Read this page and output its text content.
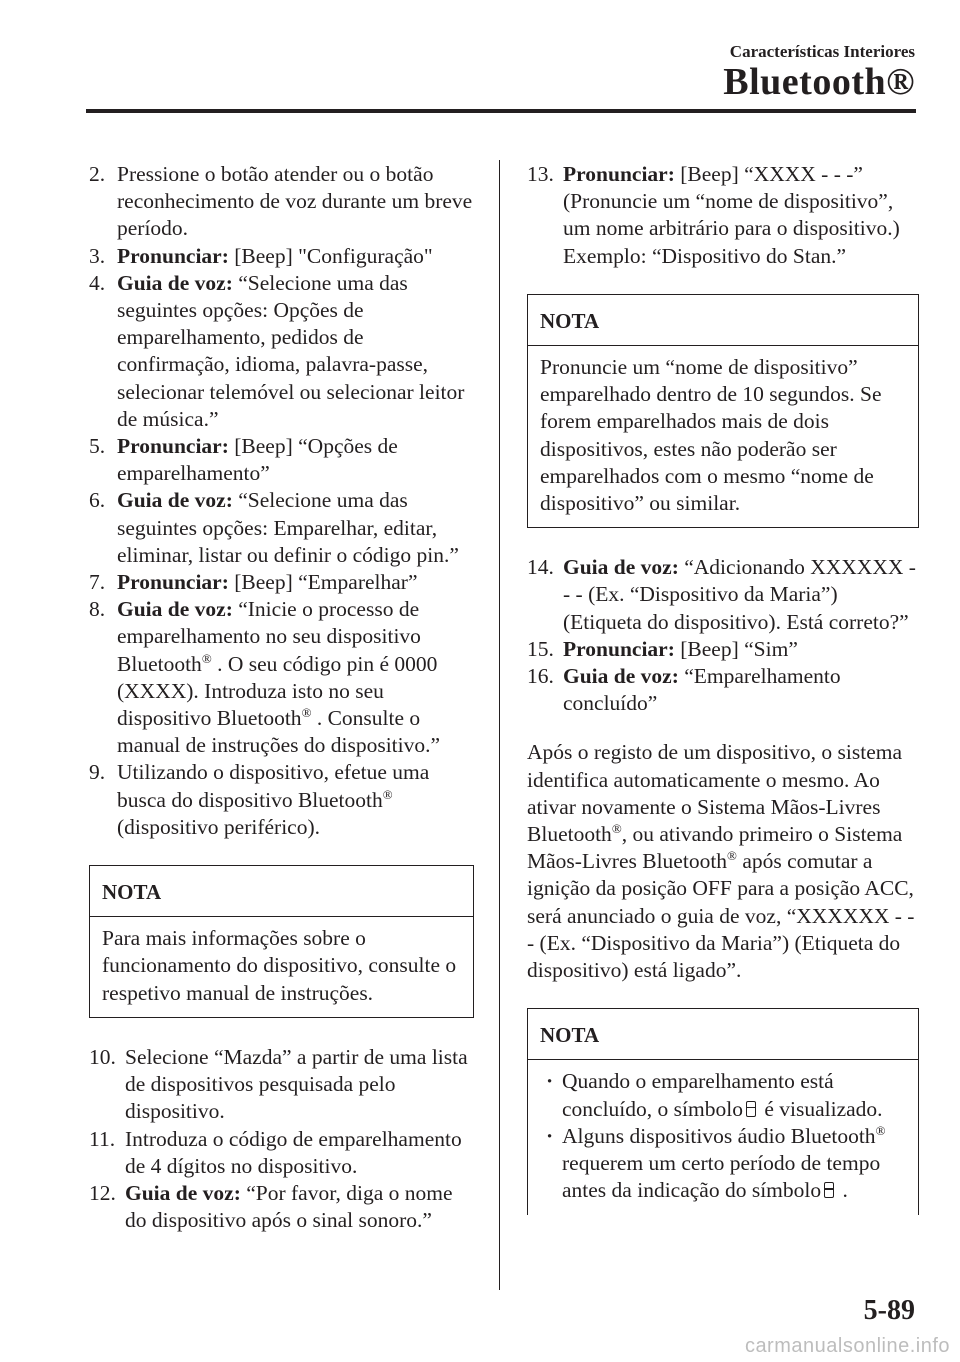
Características Interiores
Bluetooth®
2. Pressione o botão atender ou o botão reconhecimento de voz durante um breve período.
3. Pronunciar: [Beep] "Configuração"
4. Guia de voz: “Selecione uma das seguintes opções: Opções de emparelhamento, pedidos de confirmação, idioma, palavra-passe, selecionar telemóvel ou selecionar leitor de música.”
5. Pronunciar: [Beep] “Opções de emparelhamento”
6. Guia de voz: “Selecione uma das seguintes opções: Emparelhar, editar, eliminar, listar ou definir o código pin.”
7. Pronunciar: [Beep] “Emparelhar”
8. Guia de voz: “Inicie o processo de emparelhamento no seu dispositivo Bluetooth® . O seu código pin é 0000 (XXXX). Introduza isto no seu dispositivo Bluetooth® . Consulte o manual de instruções do dispositivo.”
9. Utilizando o dispositivo, efetue uma busca do dispositivo Bluetooth®
(dispositivo periférico).
NOTA
Para mais informações sobre o funcionamento do dispositivo, consulte o respetivo manual de instruções.
10. Selecione “Mazda” a partir de uma lista de dispositivos pesquisada pelo dispositivo.
11. Introduza o código de emparelhamento de 4 dígitos no dispositivo.
12. Guia de voz: “Por favor, diga o nome do dispositivo após o sinal sonoro.”
13. Pronunciar: [Beep] “XXXX - - -” (Pronuncie um “nome de dispositivo”, um nome arbitrário para o dispositivo.) Exemplo: “Dispositivo do Stan.”
NOTA
Pronuncie um “nome de dispositivo” emparelhado dentro de 10 segundos. Se forem emparelhados mais de dois dispositivos, estes não poderão ser emparelhados com o mesmo “nome de dispositivo” ou similar.
14. Guia de voz: “Adicionando XXXXXX - - - (Ex. “Dispositivo da Maria”) (Etiqueta do dispositivo). Está correto?”
15. Pronunciar: [Beep] “Sim”
16. Guia de voz: “Emparelhamento concluído”
Após o registo de um dispositivo, o sistema identifica automaticamente o mesmo. Ao ativar novamente o Sistema Mãos-Livres Bluetooth®, ou ativando primeiro o Sistema Mãos-Livres Bluetooth® após comutar a ignição da posição OFF para a posição ACC, será anunciado o guia de voz, “XXXXXX - - - (Ex. “Dispositivo da Maria”) (Etiqueta do dispositivo) está ligado”.
NOTA
· Quando o emparelhamento está concluído, o símbolo é visualizado.
· Alguns dispositivos áudio Bluetooth® requerem um certo período de tempo antes da indicação do símbolo .
5-89
carmanualsonline.info
